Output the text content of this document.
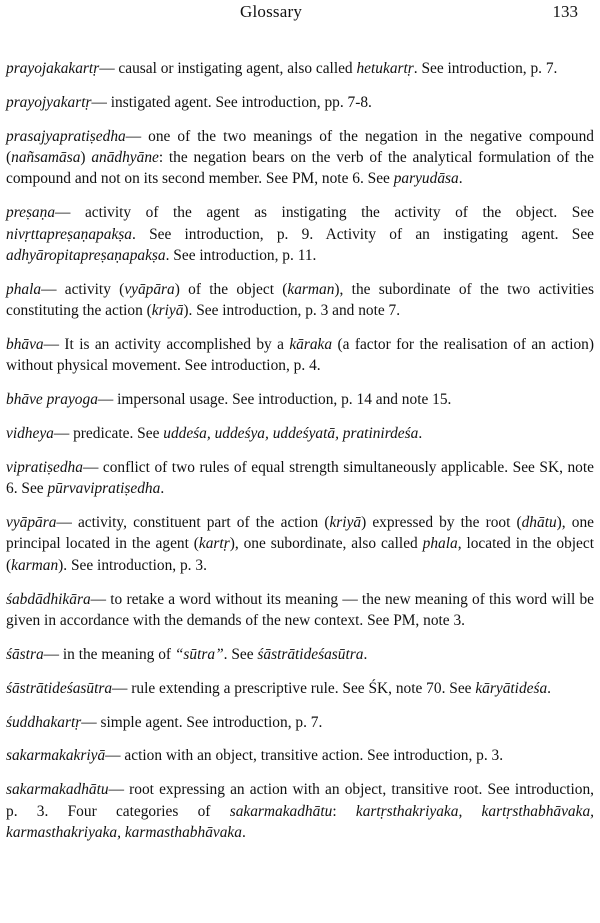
Glossary	133

prayojakakartṛ— causal or instigating agent, also called hetukartṛ. See introduction, p. 7.

prayojyakartṛ— instigated agent. See introduction, pp. 7-8.

prasajyapratiṣedha— one of the two meanings of the negation in the negative compound (nañsamāsa) anādhyāne: the negation bears on the verb of the analytical formulation of the compound and not on its second member. See PM, note 6. See paryudāsa.

preṣaṇa— activity of the agent as instigating the activity of the object. See nivṛttapreṣaṇapakṣa. See introduction, p. 9. Activity of an instigating agent. See adhyāropitapreṣaṇapakṣa. See introduction, p. 11.

phala— activity (vyāpāra) of the object (karman), the subordinate of the two activities constituting the action (kriyā). See introduction, p. 3 and note 7.

bhāva— It is an activity accomplished by a kāraka (a factor for the realisation of an action) without physical movement. See introduction, p. 4.

bhāve prayoga— impersonal usage. See introduction, p. 14 and note 15.

vidheya— predicate. See uddeśa, uddeśya, uddeśyatā, pratinirdeśa.

vipratiṣedha— conflict of two rules of equal strength simultaneously applicable. See SK, note 6. See pūrvavipratiṣedha.

vyāpāra— activity, constituent part of the action (kriyā) expressed by the root (dhātu), one principal located in the agent (kartṛ), one subordinate, also called phala, located in the object (karman). See introduction, p. 3.

śabdādhikāra— to retake a word without its meaning — the new meaning of this word will be given in accordance with the demands of the new context. See PM, note 3.

śāstra— in the meaning of “sūtra”. See śāstrātideśasūtra.

śāstrātideśasūtra— rule extending a prescriptive rule. See ŚK, note 70. See kāryātideśa.

śuddhakartṛ— simple agent. See introduction, p. 7.

sakarmakakriyā— action with an object, transitive action. See introduction, p. 3.

sakarmakadhātu— root expressing an action with an object, transitive root. See introduction, p. 3. Four categories of sakarmakadhātu: kartṛsthakriyaka, kartṛsthabhāvaka, karmasthakriyaka, karmasthabhāvaka.
